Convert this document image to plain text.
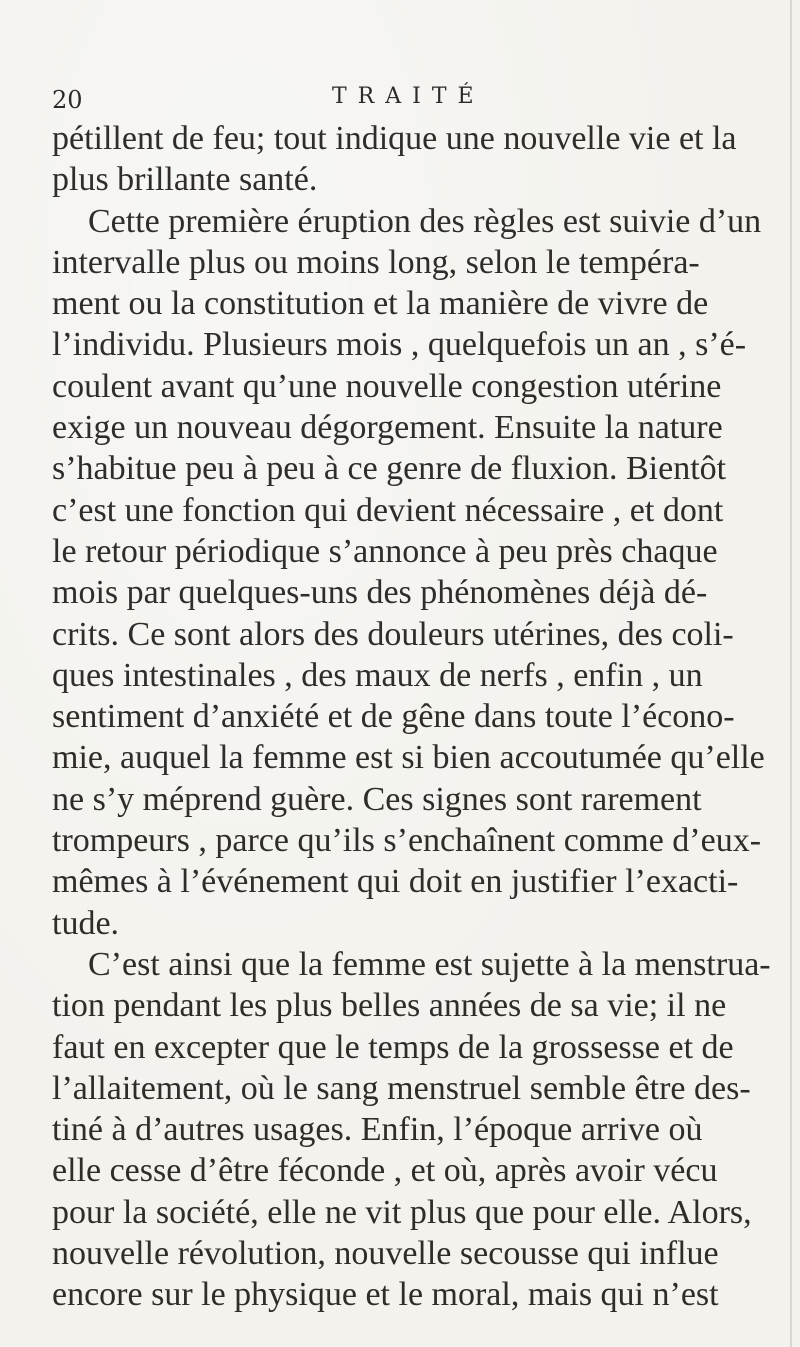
20	TRAITÉ
pétillent de feu; tout indique une nouvelle vie et la
plus brillante santé.
Cette première éruption des règles est suivie d’un
intervalle plus ou moins long, selon le tempéra-
ment ou la constitution et la manière de vivre de
l’individu. Plusieurs mois , quelquefois un an , s’é-
coulent avant qu’une nouvelle congestion utérine
exige un nouveau dégorgement. Ensuite la nature
s’habitue peu à peu à ce genre de fluxion. Bientôt
c’est une fonction qui devient nécessaire , et dont
le retour périodique s’annonce à peu près chaque
mois par quelques-uns des phénomènes déjà dé-
crits. Ce sont alors des douleurs utérines, des coli-
ques intestinales , des maux de nerfs , enfin , un
sentiment d’anxiété et de gêne dans toute l’écono-
mie, auquel la femme est si bien accoutumée qu’elle
ne s’y méprend guère. Ces signes sont rarement
trompeurs , parce qu’ils s’enchaînent comme d’eux-
mêmes à l’événement qui doit en justifier l’exacti-
tude.
C’est ainsi que la femme est sujette à la menstrua-
tion pendant les plus belles années de sa vie; il ne
faut en excepter que le temps de la grossesse et de
l’allaitement, où le sang menstruel semble être des-
tiné à d’autres usages. Enfin, l’époque arrive où
elle cesse d’être féconde , et où, après avoir vécu
pour la société, elle ne vit plus que pour elle. Alors,
nouvelle révolution, nouvelle secousse qui influe
encore sur le physique et le moral, mais qui n’est
